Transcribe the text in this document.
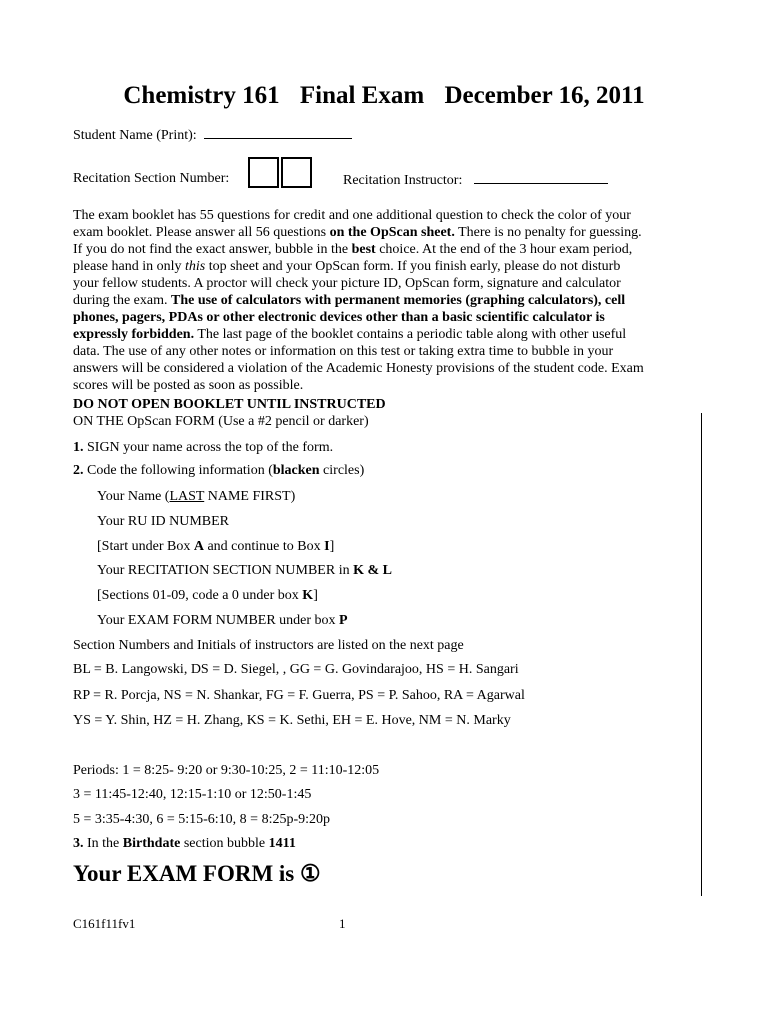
Chemistry 161 Final Exam December 16, 2011
Student Name (Print):
Recitation Section Number:	Recitation Instructor:
The exam booklet has 55 questions for credit and one additional question to check the color of your
exam booklet. Please answer all 56 questions on the OpScan sheet. There is no penalty for guessing.
If you do not find the exact answer, bubble in the best choice. At the end of the 3 hour exam period,
please hand in only this top sheet and your OpScan form. If you finish early, please do not disturb
your fellow students. A proctor will check your picture ID, OpScan form, signature and calculator
during the exam. The use of calculators with permanent memories (graphing calculators), cell
phones, pagers, PDAs or other electronic devices other than a basic scientific calculator is
expressly forbidden. The last page of the booklet contains a periodic table along with other useful
data. The use of any other notes or information on this test or taking extra time to bubble in your
answers will be considered a violation of the Academic Honesty provisions of the student code. Exam
scores will be posted as soon as possible.
DO NOT OPEN BOOKLET UNTIL INSTRUCTED
ON THE OpScan FORM (Use a #2 pencil or darker)
1. SIGN your name across the top of the form.
2. Code the following information (blacken circles)
Your Name (LAST NAME FIRST)
Your RU ID NUMBER
[Start under Box A and continue to Box I]
Your RECITATION SECTION NUMBER in K & L
[Sections 01-09, code a 0 under box K]
Your EXAM FORM NUMBER under box P
Section Numbers and Initials of instructors are listed on the next page
BL = B. Langowski, DS = D. Siegel, , GG = G. Govindarajoo, HS = H. Sangari
RP = R. Porcja, NS = N. Shankar, FG = F. Guerra, PS = P. Sahoo, RA = Agarwal
YS = Y. Shin, HZ = H. Zhang, KS = K. Sethi, EH = E. Hove, NM = N. Marky
Periods: 1 = 8:25- 9:20 or 9:30-10:25, 2 = 11:10-12:05
3 = 11:45-12:40, 12:15-1:10 or 12:50-1:45
5 = 3:35-4:30, 6 = 5:15-6:10, 8 = 8:25p-9:20p
3. In the Birthdate section bubble 1411
Your EXAM FORM is ①
C161f11fv1	1
